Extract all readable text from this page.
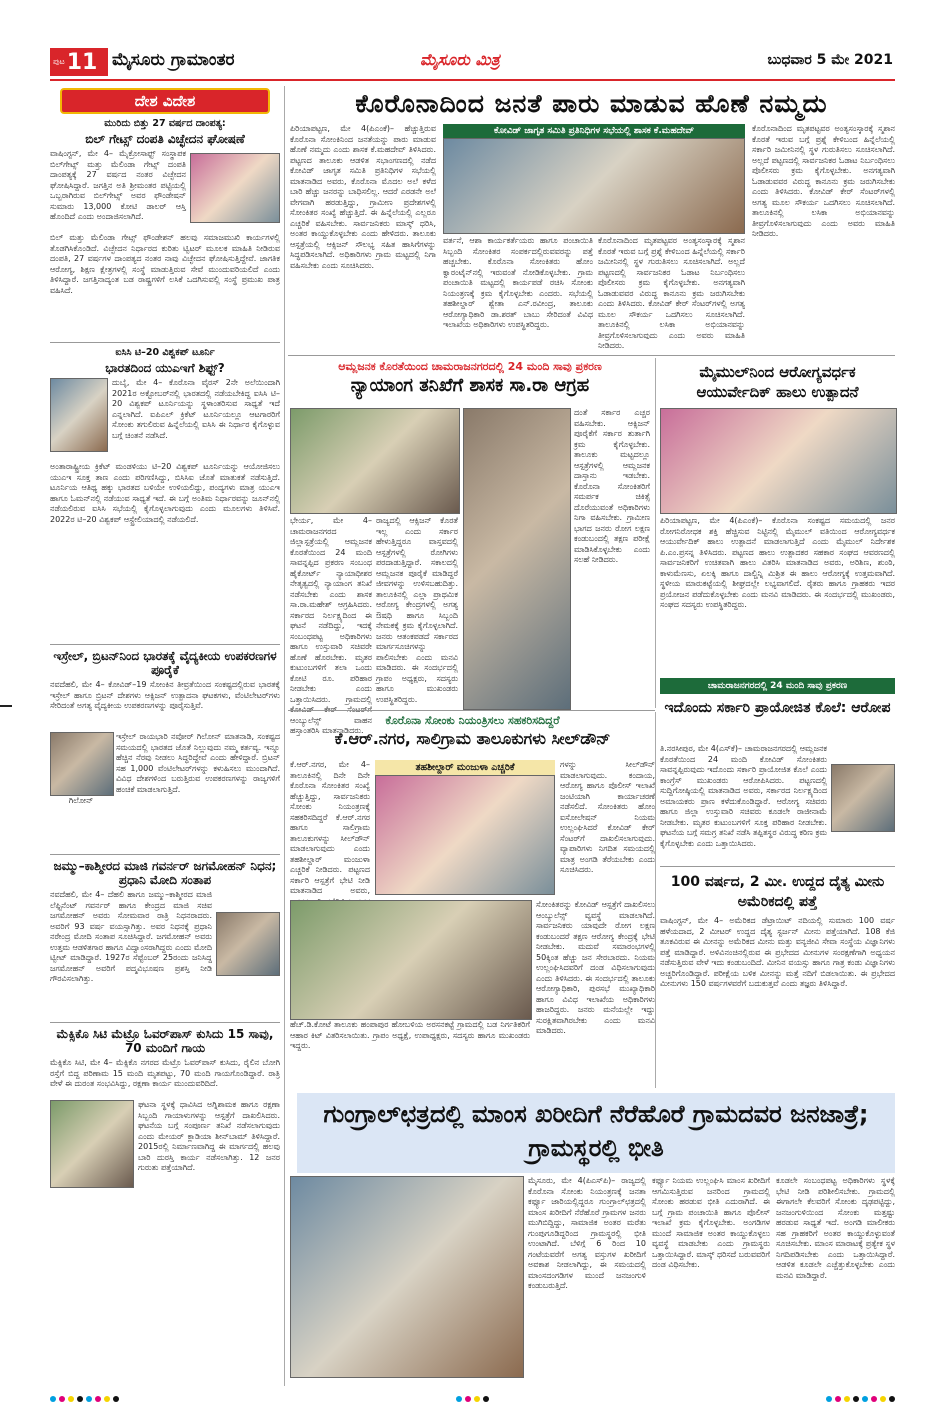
ಪುಟ 11 ಮೈಸೂರು ಗ್ರಾಮಾಂತರ	ಮೈಸೂರು ಮಿತ್ರ	ಬುಧವಾರ 5 ಮೇ 2021
ದೇಶ ವಿದೇಶ
ಮುರಿದು ಬಿತ್ತು 27 ವರ್ಷದ ದಾಂಪತ್ಯ:
ಬಿಲ್ ಗೇಟ್ಸ್ ದಂಪತಿ ವಿಚ್ಛೇದನ ಘೋಷಣೆ
ವಾಷಿಂಗ್ಟನ್, ಮೇ 4– ಮೈಕ್ರೋಸಾಫ್ಟ್ ಸಂಸ್ಥಾಪಕ ಬಿಲ್‌ಗೇಟ್ಸ್ ಮತ್ತು ಮೆಲಿಂಡಾ ಗೇಟ್ಸ್ ದಂಪತಿ ದಾಂಪತ್ಯಕ್ಕೆ 27 ವರ್ಷದ ನಂತರ ವಿಚ್ಛೇದನ ಘೋಷಿಸಿದ್ದಾರೆ. ಜಗತ್ತಿನ ಅತಿ ಶ್ರೀಮಂತರ ಪಟ್ಟಿಯಲ್ಲಿ ಒಬ್ಬರಾಗಿರುವ ಬಿಲ್‌ಗೇಟ್ಸ್ ಅವರ ಫೌಂಡೇಷನ್ ಸುಮಾರು 13,000 ಕೋಟಿ ಡಾಲರ್ ಆಸ್ತಿ ಹೊಂದಿದೆ ಎಂದು ಅಂದಾಜಿಸಲಾಗಿದೆ.
ಬಿಲ್ ಮತ್ತು ಮೆಲಿಂಡಾ ಗೇಟ್ಸ್ ಫೌಂಡೇಶನ್ ಹಲವು ಸಮಾಜಮುಖಿ ಕಾರ್ಯಗಳಲ್ಲಿ ತೊಡಗಿಸಿಕೊಂಡಿದೆ. ವಿಚ್ಛೇದನ ನಿರ್ಧಾರದ ಕುರಿತು ಟ್ವಿಟರ್ ಮೂಲಕ ಮಾಹಿತಿ ನೀಡಿರುವ ದಂಪತಿ, 27 ವರ್ಷಗಳ ದಾಂಪತ್ಯದ ನಂತರ ನಾವು ವಿಚ್ಛೇದನ ಘೋಷಿಸುತ್ತಿದ್ದೇವೆ. ಜಾಗತಿಕ ಆರೋಗ್ಯ, ಶಿಕ್ಷಣ ಕ್ಷೇತ್ರಗಳಲ್ಲಿ ಸಂಸ್ಥೆ ಮಾಡುತ್ತಿರುವ ಸೇವೆ ಮುಂದುವರಿಯಲಿದೆ ಎಂದು ತಿಳಿಸಿದ್ದಾರೆ. ಜಗತ್ತಿನಾದ್ಯಂತ ಬಡ ರಾಷ್ಟ್ರಗಳಿಗೆ ಲಸಿಕೆ ಒದಗಿಸುವಲ್ಲಿ ಸಂಸ್ಥೆ ಪ್ರಮುಖ ಪಾತ್ರ ವಹಿಸಿದೆ.
ಐಸಿಸಿ ಟಿ–20 ವಿಶ್ವಕಪ್ ಟೂರ್ನಿ
ಭಾರತದಿಂದ ಯುಎಇಗೆ ಶಿಫ್ಟ್?
ದುಬೈ, ಮೇ 4– ಕೊರೊನಾ ವೈರಸ್ 2ನೇ ಅಲೆಯಿಂದಾಗಿ 2021ರ ಅಕ್ಟೋಬರ್‌ನಲ್ಲಿ ಭಾರತದಲ್ಲಿ ನಡೆಯಬೇಕಿದ್ದ ಐಸಿಸಿ ಟಿ–20 ವಿಶ್ವಕಪ್ ಟೂರ್ನಿಯನ್ನು ಸ್ಥಳಾಂತರಿಸುವ ಸಾಧ್ಯತೆ ಇದೆ ಎನ್ನಲಾಗಿದೆ. ಐಪಿಎಲ್ ಕ್ರಿಕೆಟ್ ಟೂರ್ನಿಯಲ್ಲೂ ಆಟಗಾರರಿಗೆ ಸೋಂಕು ತಗುಲಿರುವ ಹಿನ್ನೆಲೆಯಲ್ಲಿ ಐಸಿಸಿ ಈ ನಿರ್ಧಾರ ಕೈಗೊಳ್ಳುವ ಬಗ್ಗೆ ಚಿಂತನೆ ನಡೆಸಿದೆ.
ಅಂತಾರಾಷ್ಟ್ರೀಯ ಕ್ರಿಕೆಟ್ ಮಂಡಳಿಯು ಟಿ–20 ವಿಶ್ವಕಪ್ ಟೂರ್ನಿಯನ್ನು ಆಯೋಜಿಸಲು ಯುಎಇ ಸೂಕ್ತ ತಾಣ ಎಂದು ಪರಿಗಣಿಸಿದ್ದು, ಬಿಸಿಸಿಐ ಜೊತೆ ಮಾತುಕತೆ ನಡೆಸುತ್ತಿದೆ. ಟೂರ್ನಿಯ ಆತಿಥ್ಯ ಹಕ್ಕು ಭಾರತದ ಬಳಿಯೇ ಉಳಿಯಲಿದ್ದು, ಪಂದ್ಯಗಳು ಮಾತ್ರ ಯುಎಇ ಹಾಗೂ ಓಮನ್‌ನಲ್ಲಿ ನಡೆಯುವ ಸಾಧ್ಯತೆ ಇದೆ. ಈ ಬಗ್ಗೆ ಅಂತಿಮ ನಿರ್ಧಾರವನ್ನು ಜೂನ್‌ನಲ್ಲಿ ನಡೆಯಲಿರುವ ಐಸಿಸಿ ಸಭೆಯಲ್ಲಿ ಕೈಗೊಳ್ಳಲಾಗುವುದು ಎಂದು ಮೂಲಗಳು ತಿಳಿಸಿವೆ. 2022ರ ಟಿ–20 ವಿಶ್ವಕಪ್ ಆಸ್ಟ್ರೇಲಿಯಾದಲ್ಲಿ ನಡೆಯಲಿದೆ.
ಇಸ್ರೇಲ್, ಬ್ರಿಟನ್‌ನಿಂದ ಭಾರತಕ್ಕೆ ವೈದ್ಯಕೀಯ ಉಪಕರಣಗಳ ಪೂರೈಕೆ
ನವದೆಹಲಿ, ಮೇ 4– ಕೋವಿಡ್–19 ಸೋಂಕಿನ ತೀವ್ರತೆಯಿಂದ ಸಂಕಷ್ಟದಲ್ಲಿರುವ ಭಾರತಕ್ಕೆ ಇಸ್ರೇಲ್ ಹಾಗೂ ಬ್ರಿಟನ್ ದೇಶಗಳು ಆಕ್ಸಿಜನ್ ಉತ್ಪಾದನಾ ಘಟಕಗಳು, ವೆಂಟಿಲೇಟರ್‌ಗಳು ಸೇರಿದಂತೆ ಅಗತ್ಯ ವೈದ್ಯಕೀಯ ಉಪಕರಣಗಳನ್ನು ಪೂರೈಸುತ್ತಿವೆ.
ಗಿಲೋನ್
ಇಸ್ರೇಲ್ ರಾಯಭಾರಿ ನವೋರ್ ಗಿಲೋನ್ ಮಾತನಾಡಿ, ಸಂಕಷ್ಟದ ಸಮಯದಲ್ಲಿ ಭಾರತದ ಜೊತೆ ನಿಲ್ಲುವುದು ನಮ್ಮ ಕರ್ತವ್ಯ. ಇನ್ನೂ ಹೆಚ್ಚಿನ ನೆರವು ನೀಡಲು ಸಿದ್ಧರಿದ್ದೇವೆ ಎಂದು ಹೇಳಿದ್ದಾರೆ. ಬ್ರಿಟನ್ ಸಹ 1,000 ವೆಂಟಿಲೇಟರ್‌ಗಳನ್ನು ಕಳುಹಿಸಲು ಮುಂದಾಗಿದೆ. ವಿವಿಧ ದೇಶಗಳಿಂದ ಬರುತ್ತಿರುವ ಉಪಕರಣಗಳನ್ನು ರಾಜ್ಯಗಳಿಗೆ ಹಂಚಿಕೆ ಮಾಡಲಾಗುತ್ತಿದೆ.
ಜಮ್ಮು–ಕಾಶ್ಮೀರದ ಮಾಜಿ ಗವರ್ನರ್ ಜಗಮೋಹನ್ ನಿಧನ; ಪ್ರಧಾನಿ ಮೋದಿ ಸಂತಾಪ
ನವದೆಹಲಿ, ಮೇ 4– ದೆಹಲಿ ಹಾಗೂ ಜಮ್ಮು–ಕಾಶ್ಮೀರದ ಮಾಜಿ ಲೆಫ್ಟಿನೆಂಟ್ ಗವರ್ನರ್ ಹಾಗೂ ಕೇಂದ್ರದ ಮಾಜಿ ಸಚಿವ ಜಗಮೋಹನ್ ಅವರು ಸೋಮವಾರ ರಾತ್ರಿ ನಿಧನರಾದರು. ಅವರಿಗೆ 93 ವರ್ಷ ವಯಸ್ಸಾಗಿತ್ತು. ಅವರ ನಿಧನಕ್ಕೆ ಪ್ರಧಾನಿ ನರೇಂದ್ರ ಮೋದಿ ಸಂತಾಪ ಸೂಚಿಸಿದ್ದಾರೆ. ಜಗಮೋಹನ್ ಅವರು ಉತ್ತಮ ಆಡಳಿತಗಾರ ಹಾಗೂ ವಿದ್ವಾಂಸರಾಗಿದ್ದರು ಎಂದು ಮೋದಿ ಟ್ವೀಟ್ ಮಾಡಿದ್ದಾರೆ. 1927ರ ಸೆಪ್ಟೆಂಬರ್ 25ರಂದು ಜನಿಸಿದ್ದ ಜಗಮೋಹನ್ ಅವರಿಗೆ ಪದ್ಮವಿಭೂಷಣ ಪ್ರಶಸ್ತಿ ನೀಡಿ ಗೌರವಿಸಲಾಗಿತ್ತು.
ಮೆಕ್ಸಿಕೊ ಸಿಟಿ ಮೆಟ್ರೊ ಓವರ್‌ಪಾಸ್ ಕುಸಿದು 15 ಸಾವು, 70 ಮಂದಿಗೆ ಗಾಯ
ಮೆಕ್ಸಿಕೊ ಸಿಟಿ, ಮೇ 4– ಮೆಕ್ಸಿಕೊ ನಗರದ ಮೆಟ್ರೊ ಓವರ್‌ಪಾಸ್ ಕುಸಿದು, ರೈಲಿನ ಬೋಗಿ ರಸ್ತೆಗೆ ಬಿದ್ದ ಪರಿಣಾಮ 15 ಮಂದಿ ಮೃತಪಟ್ಟು, 70 ಮಂದಿ ಗಾಯಗೊಂಡಿದ್ದಾರೆ. ರಾತ್ರಿ ವೇಳೆ ಈ ದುರಂತ ಸಂಭವಿಸಿದ್ದು, ರಕ್ಷಣಾ ಕಾರ್ಯ ಮುಂದುವರಿದಿದೆ.
ಘಟನಾ ಸ್ಥಳಕ್ಕೆ ಧಾವಿಸಿದ ಅಗ್ನಿಶಾಮಕ ಹಾಗೂ ರಕ್ಷಣಾ ಸಿಬ್ಬಂದಿ ಗಾಯಾಳುಗಳನ್ನು ಆಸ್ಪತ್ರೆಗೆ ದಾಖಲಿಸಿದರು. ಘಟನೆಯ ಬಗ್ಗೆ ಸಂಪೂರ್ಣ ತನಿಖೆ ನಡೆಸಲಾಗುವುದು ಎಂದು ಮೇಯರ್ ಕ್ಲಾಡಿಯಾ ಶೀನ್‌ಬಾಮ್ ತಿಳಿಸಿದ್ದಾರೆ. 2015ರಲ್ಲಿ ನಿರ್ಮಾಣವಾಗಿದ್ದ ಈ ಮಾರ್ಗದಲ್ಲಿ ಹಲವು ಬಾರಿ ದುರಸ್ತಿ ಕಾರ್ಯ ನಡೆಸಲಾಗಿತ್ತು. 12 ಜನರ ಗುರುತು ಪತ್ತೆಯಾಗಿದೆ.
ಕೊರೊನಾದಿಂದ ಜನತೆ ಪಾರು ಮಾಡುವ ಹೊಣೆ ನಮ್ಮದು
ಪಿರಿಯಾಪಟ್ಟಣ, ಮೇ 4(ಪಿಎಂಕೆ)– ಹೆಚ್ಚುತ್ತಿರುವ ಕೊರೊನಾ ಸೋಂಕಿನಿಂದ ಜನತೆಯನ್ನು ಪಾರು ಮಾಡುವ ಹೊಣೆ ನಮ್ಮದು ಎಂದು ಶಾಸಕ ಕೆ.ಮಹದೇವ್ ತಿಳಿಸಿದರು. ಪಟ್ಟಣದ ತಾಲೂಕು ಆಡಳಿತ ಸಭಾಂಗಣದಲ್ಲಿ ನಡೆದ ಕೋವಿಡ್ ಜಾಗೃತ ಸಮಿತಿ ಪ್ರತಿನಿಧಿಗಳ ಸಭೆಯಲ್ಲಿ ಮಾತನಾಡಿದ ಅವರು, ಕೊರೊನಾ ಮೊದಲ ಅಲೆ ಕಳೆದ ಬಾರಿ ಹೆಚ್ಚು ಜನರನ್ನು ಬಾಧಿಸಲಿಲ್ಲ. ಆದರೆ ಎರಡನೇ ಅಲೆ ವೇಗವಾಗಿ ಹರಡುತ್ತಿದ್ದು, ಗ್ರಾಮೀಣ ಪ್ರದೇಶಗಳಲ್ಲಿ ಸೋಂಕಿತರ ಸಂಖ್ಯೆ ಹೆಚ್ಚುತ್ತಿದೆ. ಈ ಹಿನ್ನೆಲೆಯಲ್ಲಿ ಎಲ್ಲರೂ ಎಚ್ಚರಿಕೆ ವಹಿಸಬೇಕು. ಸಾರ್ವಜನಿಕರು ಮಾಸ್ಕ್ ಧರಿಸಿ, ಅಂತರ ಕಾಯ್ದುಕೊಳ್ಳಬೇಕು ಎಂದು ಹೇಳಿದರು. ತಾಲೂಕು ಆಸ್ಪತ್ರೆಯಲ್ಲಿ ಆಕ್ಸಿಜನ್ ಸೌಲಭ್ಯ ಸಹಿತ ಹಾಸಿಗೆಗಳನ್ನು ಸಿದ್ಧಪಡಿಸಲಾಗಿದೆ. ಅಧಿಕಾರಿಗಳು ಗ್ರಾಮ ಮಟ್ಟದಲ್ಲಿ ನಿಗಾ ವಹಿಸಬೇಕು ಎಂದು ಸೂಚಿಸಿದರು.
ಕೋವಿಡ್ ಜಾಗೃತ ಸಮಿತಿ ಪ್ರತಿನಿಧಿಗಳ ಸಭೆಯಲ್ಲಿ ಶಾಸಕ ಕೆ.ಮಹದೇವ್
ವರ್ತನೆ, ಆಶಾ ಕಾರ್ಯಕರ್ತೆಯರು ಹಾಗೂ ಪಂಚಾಯಿತಿ ಸಿಬ್ಬಂದಿ ಸೋಂಕಿತರ ಸಂಪರ್ಕದಲ್ಲಿರುವವರನ್ನು ಪತ್ತೆ ಹಚ್ಚಬೇಕು. ಕೊರೊನಾ ಸೋಂಕಿತರು ಹೋಂ ಕ್ವಾರಂಟೈನ್‌ನಲ್ಲಿ ಇರುವಂತೆ ನೋಡಿಕೊಳ್ಳಬೇಕು. ಗ್ರಾಮ ಪಂಚಾಯಿತಿ ಮಟ್ಟದಲ್ಲಿ ಕಾರ್ಯಪಡೆ ರಚಿಸಿ ಸೋಂಕು ನಿಯಂತ್ರಣಕ್ಕೆ ಕ್ರಮ ಕೈಗೊಳ್ಳಬೇಕು ಎಂದರು. ಸಭೆಯಲ್ಲಿ ತಹಶೀಲ್ದಾರ್ ಶ್ವೇತಾ ಎನ್.ರವೀಂದ್ರ, ತಾಲೂಕು ಆರೋಗ್ಯಾಧಿಕಾರಿ ಡಾ.ಶರತ್ ಬಾಬು ಸೇರಿದಂತೆ ವಿವಿಧ ಇಲಾಖೆಯ ಅಧಿಕಾರಿಗಳು ಉಪಸ್ಥಿತರಿದ್ದರು.
ಕೊರೊನಾದಿಂದ ಮೃತಪಟ್ಟವರ ಅಂತ್ಯಸಂಸ್ಕಾರಕ್ಕೆ ಸ್ಮಶಾನ ಕೊರತೆ ಇರುವ ಬಗ್ಗೆ ಪ್ರಶ್ನೆ ಕೇಳಿಬಂದ ಹಿನ್ನೆಲೆಯಲ್ಲಿ ಸರ್ಕಾರಿ ಜಮೀನಿನಲ್ಲಿ ಸ್ಥಳ ಗುರುತಿಸಲು ಸೂಚಿಸಲಾಗಿದೆ. ಅಲ್ಲದೆ ಪಟ್ಟಣದಲ್ಲಿ ಸಾರ್ವಜನಿಕರ ಓಡಾಟ ನಿರ್ಬಂಧಿಸಲು ಪೊಲೀಸರು ಕ್ರಮ ಕೈಗೊಳ್ಳಬೇಕು. ಅನಗತ್ಯವಾಗಿ ಓಡಾಡುವವರ ವಿರುದ್ಧ ಕಾನೂನು ಕ್ರಮ ಜರುಗಿಸಬೇಕು ಎಂದು ತಿಳಿಸಿದರು. ಕೋವಿಡ್ ಕೇರ್ ಸೆಂಟರ್‌ಗಳಲ್ಲಿ ಅಗತ್ಯ ಮೂಲ ಸೌಕರ್ಯ ಒದಗಿಸಲು ಸೂಚಿಸಲಾಗಿದೆ. ತಾಲೂಕಿನಲ್ಲಿ ಲಸಿಕಾ ಅಭಿಯಾನವನ್ನು ತೀವ್ರಗೊಳಿಸಲಾಗುವುದು ಎಂದು ಅವರು ಮಾಹಿತಿ ನೀಡಿದರು.
ಕೊರೊನಾದಿಂದ ಮೃತಪಟ್ಟವರ ಅಂತ್ಯಸಂಸ್ಕಾರಕ್ಕೆ ಸ್ಮಶಾನ ಕೊರತೆ ಇರುವ ಬಗ್ಗೆ ಪ್ರಶ್ನೆ ಕೇಳಿಬಂದ ಹಿನ್ನೆಲೆಯಲ್ಲಿ ಸರ್ಕಾರಿ ಜಮೀನಿನಲ್ಲಿ ಸ್ಥಳ ಗುರುತಿಸಲು ಸೂಚಿಸಲಾಗಿದೆ. ಅಲ್ಲದೆ ಪಟ್ಟಣದಲ್ಲಿ ಸಾರ್ವಜನಿಕರ ಓಡಾಟ ನಿರ್ಬಂಧಿಸಲು ಪೊಲೀಸರು ಕ್ರಮ ಕೈಗೊಳ್ಳಬೇಕು. ಅನಗತ್ಯವಾಗಿ ಓಡಾಡುವವರ ವಿರುದ್ಧ ಕಾನೂನು ಕ್ರಮ ಜರುಗಿಸಬೇಕು ಎಂದು ತಿಳಿಸಿದರು. ಕೋವಿಡ್ ಕೇರ್ ಸೆಂಟರ್‌ಗಳಲ್ಲಿ ಅಗತ್ಯ ಮೂಲ ಸೌಕರ್ಯ ಒದಗಿಸಲು ಸೂಚಿಸಲಾಗಿದೆ. ತಾಲೂಕಿನಲ್ಲಿ ಲಸಿಕಾ ಅಭಿಯಾನವನ್ನು ತೀವ್ರಗೊಳಿಸಲಾಗುವುದು ಎಂದು ಅವರು ಮಾಹಿತಿ ನೀಡಿದರು.
ಆಮ್ಲಜನಕ ಕೊರತೆಯಿಂದ ಚಾಮರಾಜನಗರದಲ್ಲಿ 24 ಮಂದಿ ಸಾವು ಪ್ರಕರಣ
ನ್ಯಾಯಾಂಗ ತನಿಖೆಗೆ ಶಾಸಕ ಸಾ.ರಾ ಆಗ್ರಹ
ಭೇರ್ಯ, ಮೇ 4– ಚಾಮರಾಜನಗರದ ಜಿಲ್ಲಾಸ್ಪತ್ರೆಯಲ್ಲಿ ಆಮ್ಲಜನಕ ಕೊರತೆಯಿಂದ 24 ಮಂದಿ ಸಾವನ್ನಪ್ಪಿದ ಪ್ರಕರಣ ಸಂಬಂಧ ಹೈಕೋರ್ಟ್ ನ್ಯಾಯಾಧೀಶರ ನೇತೃತ್ವದಲ್ಲಿ ನ್ಯಾಯಾಂಗ ತನಿಖೆ ನಡೆಸಬೇಕು ಎಂದು ಶಾಸಕ ಸಾ.ರಾ.ಮಹೇಶ್ ಆಗ್ರಹಿಸಿದರು. ಸರ್ಕಾರದ ನಿರ್ಲಕ್ಷ್ಯದಿಂದ ಈ ಘಟನೆ ನಡೆದಿದ್ದು, ಇದಕ್ಕೆ ಸಂಬಂಧಪಟ್ಟ ಅಧಿಕಾರಿಗಳು ಹಾಗೂ ಉಸ್ತುವಾರಿ ಸಚಿವರೇ ಹೊಣೆ ಹೊರಬೇಕು. ಮೃತರ ಕುಟುಂಬಗಳಿಗೆ ತಲಾ ಒಂದು ಕೋಟಿ ರೂ. ಪರಿಹಾರ ನೀಡಬೇಕು ಎಂದು ಒತ್ತಾಯಿಸಿದರು. ಗ್ರಾಮದಲ್ಲಿ ಆಂಬ್ಯುಲೆನ್ಸ್ ವಾಹನ ಹಸ್ತಾಂತರಿಸಿ ಮಾತನಾಡಿದರು.
ರಾಜ್ಯದಲ್ಲಿ ಆಕ್ಸಿಜನ್ ಕೊರತೆ ಇಲ್ಲ ಎಂದು ಸರ್ಕಾರ ಹೇಳುತ್ತಿದ್ದರೂ ವಾಸ್ತವದಲ್ಲಿ ಆಸ್ಪತ್ರೆಗಳಲ್ಲಿ ರೋಗಿಗಳು ಪರದಾಡುತ್ತಿದ್ದಾರೆ. ಸಕಾಲದಲ್ಲಿ ಆಮ್ಲಜನಕ ಪೂರೈಕೆ ಮಾಡಿದ್ದರೆ ಜೀವಗಳನ್ನು ಉಳಿಸಬಹುದಿತ್ತು. ತಾಲೂಕಿನಲ್ಲಿ ಎಲ್ಲಾ ಪ್ರಾಥಮಿಕ ಆರೋಗ್ಯ ಕೇಂದ್ರಗಳಲ್ಲಿ ಅಗತ್ಯ ಔಷಧಿ ಹಾಗೂ ಸಿಬ್ಬಂದಿ ನೇಮಕಕ್ಕೆ ಕ್ರಮ ಕೈಗೊಳ್ಳಲಾಗಿದೆ. ಜನರು ಆತಂಕಪಡದೆ ಸರ್ಕಾರದ ಮಾರ್ಗಸೂಚಿಗಳನ್ನು ಪಾಲಿಸಬೇಕು ಎಂದು ಮನವಿ ಮಾಡಿದರು. ಈ ಸಂದರ್ಭದಲ್ಲಿ ಗ್ರಾಪಂ ಅಧ್ಯಕ್ಷರು, ಸದಸ್ಯರು ಹಾಗೂ ಮುಖಂಡರು ಉಪಸ್ಥಿತರಿದ್ದರು.
ದಂತೆ ಸರ್ಕಾರ ಎಚ್ಚರ ವಹಿಸಬೇಕು. ಆಕ್ಸಿಜನ್ ಪೂರೈಕೆಗೆ ಸರ್ಕಾರ ತುರ್ತಾಗಿ ಕ್ರಮ ಕೈಗೊಳ್ಳಬೇಕು. ತಾಲೂಕು ಮಟ್ಟದಲ್ಲೂ ಆಸ್ಪತ್ರೆಗಳಲ್ಲಿ ಆಮ್ಲಜನಕ ದಾಸ್ತಾನು ಇಡಬೇಕು. ಕೊರೊನಾ ಸೋಂಕಿತರಿಗೆ ಸಮರ್ಪಕ ಚಿಕಿತ್ಸೆ ದೊರೆಯುವಂತೆ ಅಧಿಕಾರಿಗಳು ನಿಗಾ ವಹಿಸಬೇಕು. ಗ್ರಾಮೀಣ ಭಾಗದ ಜನರು ರೋಗ ಲಕ್ಷಣ ಕಂಡುಬಂದಲ್ಲಿ ತಕ್ಷಣ ಪರೀಕ್ಷೆ ಮಾಡಿಸಿಕೊಳ್ಳಬೇಕು ಎಂದು ಸಲಹೆ ನೀಡಿದರು.
ಮೈಮುಲ್‌ನಿಂದ ಆರೋಗ್ಯವರ್ಧಕ ಆಯುರ್ವೇದಿಕ್ ಹಾಲು ಉತ್ಪಾದನೆ
ಪಿರಿಯಾಪಟ್ಟಣ, ಮೇ 4(ಪಿಎಂಕೆ)– ಕೊರೊನಾ ಸಂಕಷ್ಟದ ಸಮಯದಲ್ಲಿ ಜನರ ರೋಗನಿರೋಧಕ ಶಕ್ತಿ ಹೆಚ್ಚಿಸುವ ನಿಟ್ಟಿನಲ್ಲಿ ಮೈಮುಲ್ ವತಿಯಿಂದ ಆರೋಗ್ಯವರ್ಧಕ ಆಯುರ್ವೇದಿಕ್ ಹಾಲು ಉತ್ಪಾದನೆ ಮಾಡಲಾಗುತ್ತಿದೆ ಎಂದು ಮೈಮುಲ್ ನಿರ್ದೇಶಕ ಪಿ.ಎಂ.ಪ್ರಸನ್ನ ತಿಳಿಸಿದರು. ಪಟ್ಟಣದ ಹಾಲು ಉತ್ಪಾದಕರ ಸಹಕಾರ ಸಂಘದ ಆವರಣದಲ್ಲಿ ಸಾರ್ವಜನಿಕರಿಗೆ ಉಚಿತವಾಗಿ ಹಾಲು ವಿತರಿಸಿ ಮಾತನಾಡಿದ ಅವರು, ಅರಿಶಿಣ, ಶುಂಠಿ, ಕಾಳುಮೆಣಸು, ಏಲಕ್ಕಿ ಹಾಗೂ ದಾಲ್ಚಿನ್ನಿ ಮಿಶ್ರಿತ ಈ ಹಾಲು ಆರೋಗ್ಯಕ್ಕೆ ಉತ್ತಮವಾಗಿದೆ. ಸ್ಥಳೀಯ ಮಾರುಕಟ್ಟೆಯಲ್ಲಿ ಶೀಘ್ರದಲ್ಲೇ ಲಭ್ಯವಾಗಲಿದೆ. ರೈತರು ಹಾಗೂ ಗ್ರಾಹಕರು ಇದರ ಪ್ರಯೋಜನ ಪಡೆದುಕೊಳ್ಳಬೇಕು ಎಂದು ಮನವಿ ಮಾಡಿದರು. ಈ ಸಂದರ್ಭದಲ್ಲಿ ಮುಖಂಡರು, ಸಂಘದ ಸದಸ್ಯರು ಉಪಸ್ಥಿತರಿದ್ದರು.
ಚಾಮರಾಜನಗರದಲ್ಲಿ 24 ಮಂದಿ ಸಾವು ಪ್ರಕರಣ
ಇದೊಂದು ಸರ್ಕಾರಿ ಪ್ರಾಯೋಜಿತ ಕೊಲೆ: ಆರೋಪ
ತಿ.ನರಸೀಪುರ, ಮೇ 4(ಎಸ್‌ಕೆ)– ಚಾಮರಾಜನಗರದಲ್ಲಿ ಆಮ್ಲಜನಕ ಕೊರತೆಯಿಂದ 24 ಮಂದಿ ಕೋವಿಡ್ ಸೋಂಕಿತರು ಸಾವನ್ನಪ್ಪಿರುವುದು ಇದೊಂದು ಸರ್ಕಾರಿ ಪ್ರಾಯೋಜಿತ ಕೊಲೆ ಎಂದು ಕಾಂಗ್ರೆಸ್ ಮುಖಂಡರು ಆರೋಪಿಸಿದರು. ಪಟ್ಟಣದಲ್ಲಿ ಸುದ್ದಿಗೋಷ್ಠಿಯಲ್ಲಿ ಮಾತನಾಡಿದ ಅವರು, ಸರ್ಕಾರದ ನಿರ್ಲಕ್ಷ್ಯದಿಂದ ಅಮಾಯಕರು ಪ್ರಾಣ ಕಳೆದುಕೊಂಡಿದ್ದಾರೆ. ಆರೋಗ್ಯ ಸಚಿವರು ಹಾಗೂ ಜಿಲ್ಲಾ ಉಸ್ತುವಾರಿ ಸಚಿವರು ಕೂಡಲೇ ರಾಜೀನಾಮೆ ನೀಡಬೇಕು. ಮೃತರ ಕುಟುಂಬಗಳಿಗೆ ಸೂಕ್ತ ಪರಿಹಾರ ನೀಡಬೇಕು. ಘಟನೆಯ ಬಗ್ಗೆ ಸಮಗ್ರ ತನಿಖೆ ನಡೆಸಿ ತಪ್ಪಿತಸ್ಥರ ವಿರುದ್ಧ ಕಠಿಣ ಕ್ರಮ ಕೈಗೊಳ್ಳಬೇಕು ಎಂದು ಒತ್ತಾಯಿಸಿದರು.
100 ವರ್ಷದ, 2 ಮೀ. ಉದ್ದದ ದೈತ್ಯ ಮೀನು ಅಮೆರಿಕದಲ್ಲಿ ಪತ್ತೆ
ವಾಷಿಂಗ್ಟನ್, ಮೇ 4– ಅಮೆರಿಕದ ಡೆಟ್ರಾಯಿಟ್ ನದಿಯಲ್ಲಿ ಸುಮಾರು 100 ವರ್ಷ ಹಳೆಯದಾದ, 2 ಮೀಟರ್ ಉದ್ದದ ದೈತ್ಯ ಸ್ಟರ್ಜನ್ ಮೀನು ಪತ್ತೆಯಾಗಿದೆ. 108 ಕೆಜಿ ತೂಕವಿರುವ ಈ ಮೀನನ್ನು ಅಮೆರಿಕದ ಮೀನು ಮತ್ತು ವನ್ಯಜೀವಿ ಸೇವಾ ಸಂಸ್ಥೆಯ ವಿಜ್ಞಾನಿಗಳು ಪತ್ತೆ ಮಾಡಿದ್ದಾರೆ. ಅಳಿವಿನಂಚಿನಲ್ಲಿರುವ ಈ ಪ್ರಭೇದದ ಮೀನುಗಳ ಸಂರಕ್ಷಣೆಗಾಗಿ ಅಧ್ಯಯನ ನಡೆಸುತ್ತಿರುವ ವೇಳೆ ಇದು ಕಂಡುಬಂದಿದೆ. ಮೀನಿನ ವಯಸ್ಸು ಹಾಗೂ ಗಾತ್ರ ಕಂಡು ವಿಜ್ಞಾನಿಗಳು ಅಚ್ಚರಿಗೊಂಡಿದ್ದಾರೆ. ಪರೀಕ್ಷೆಯ ಬಳಿಕ ಮೀನನ್ನು ಮತ್ತೆ ನದಿಗೆ ಬಿಡಲಾಯಿತು. ಈ ಪ್ರಭೇದದ ಮೀನುಗಳು 150 ವರ್ಷಗಳವರೆಗೆ ಬದುಕುತ್ತವೆ ಎಂದು ತಜ್ಞರು ತಿಳಿಸಿದ್ದಾರೆ.
ಕೊರೊನಾ ಸೋಂಕು ನಿಯಂತ್ರಿಸಲು ಸಹಕರಿಸದಿದ್ದರೆ
ಕೆ.ಆರ್.ನಗರ, ಸಾಲಿಗ್ರಾಮ ತಾಲೂಕುಗಳು ಸೀಲ್‌ಡೌನ್
ಕೆ.ಆರ್.ನಗರ, ಮೇ 4– ತಾಲೂಕಿನಲ್ಲಿ ದಿನೇ ದಿನೇ ಕೊರೊನಾ ಸೋಂಕಿತರ ಸಂಖ್ಯೆ ಹೆಚ್ಚುತ್ತಿದ್ದು, ಸಾರ್ವಜನಿಕರು ಸೋಂಕು ನಿಯಂತ್ರಣಕ್ಕೆ ಸಹಕರಿಸದಿದ್ದರೆ ಕೆ.ಆರ್.ನಗರ ಹಾಗೂ ಸಾಲಿಗ್ರಾಮ ತಾಲೂಕುಗಳನ್ನು ಸೀಲ್‌ಡೌನ್ ಮಾಡಲಾಗುವುದು ಎಂದು ತಹಶೀಲ್ದಾರ್ ಮಂಜುಳಾ ಎಚ್ಚರಿಕೆ ನೀಡಿದರು. ಪಟ್ಟಣದ ಸರ್ಕಾರಿ ಆಸ್ಪತ್ರೆಗೆ ಭೇಟಿ ನೀಡಿ ಮಾತನಾಡಿದ ಅವರು,
ತಹಶೀಲ್ದಾರ್ ಮಂಜುಳಾ ಎಚ್ಚರಿಕೆ	ಗಳನ್ನು ಸೀಲ್‌ಡೌನ್ ಮಾಡಲಾಗುವುದು. ಕಂದಾಯ, ಆರೋಗ್ಯ ಹಾಗೂ ಪೊಲೀಸ್ ಇಲಾಖೆ ಜಂಟಿಯಾಗಿ ಕಾರ್ಯಾಚರಣೆ ನಡೆಸಲಿದೆ. ಸೋಂಕಿತರು ಹೋಂ ಐಸೋಲೇಷನ್ ನಿಯಮ ಉಲ್ಲಂಘಿಸಿದರೆ ಕೋವಿಡ್ ಕೇರ್ ಸೆಂಟರ್‌ಗೆ ದಾಖಲಿಸಲಾಗುವುದು. ವ್ಯಾಪಾರಿಗಳು ನಿಗದಿತ ಸಮಯದಲ್ಲಿ ಮಾತ್ರ ಅಂಗಡಿ ತೆರೆಯಬೇಕು ಎಂದು ಸೂಚಿಸಿದರು.
ಹೆಚ್.ಡಿ.ಕೋಟೆ ತಾಲೂಕು ಹಂಪಾಪುರ ಹೋಬಳಿಯ ಅರಸನಕಟ್ಟೆ ಗ್ರಾಮದಲ್ಲಿ ಬಡ ನಿರ್ಗತಿಕರಿಗೆ ಆಹಾರ ಕಿಟ್ ವಿತರಿಸಲಾಯಿತು. ಗ್ರಾಪಂ ಅಧ್ಯಕ್ಷೆ, ಉಪಾಧ್ಯಕ್ಷರು, ಸದಸ್ಯರು ಹಾಗೂ ಮುಖಂಡರು ಇದ್ದರು.
ಸೋಂಕಿತರನ್ನು ಕೋವಿಡ್ ಆಸ್ಪತ್ರೆಗೆ ದಾಖಲಿಸಲು ಆಂಬ್ಯುಲೆನ್ಸ್ ವ್ಯವಸ್ಥೆ ಮಾಡಲಾಗಿದೆ. ಸಾರ್ವಜನಿಕರು ಯಾವುದೇ ರೋಗ ಲಕ್ಷಣ ಕಂಡುಬಂದರೆ ತಕ್ಷಣ ಆರೋಗ್ಯ ಕೇಂದ್ರಕ್ಕೆ ಭೇಟಿ ನೀಡಬೇಕು. ಮದುವೆ ಸಮಾರಂಭಗಳಲ್ಲಿ 50ಕ್ಕಿಂತ ಹೆಚ್ಚು ಜನ ಸೇರಬಾರದು. ನಿಯಮ ಉಲ್ಲಂಘಿಸಿದವರಿಗೆ ದಂಡ ವಿಧಿಸಲಾಗುವುದು ಎಂದು ತಿಳಿಸಿದರು. ಈ ಸಂದರ್ಭದಲ್ಲಿ ತಾಲೂಕು ಆರೋಗ್ಯಾಧಿಕಾರಿ, ಪುರಸಭೆ ಮುಖ್ಯಾಧಿಕಾರಿ ಹಾಗೂ ವಿವಿಧ ಇಲಾಖೆಯ ಅಧಿಕಾರಿಗಳು ಹಾಜರಿದ್ದರು. ಜನರು ಮನೆಯಲ್ಲೇ ಇದ್ದು ಸುರಕ್ಷಿತವಾಗಿರಬೇಕು ಎಂದು ಮನವಿ ಮಾಡಿದರು.
ಗುಂಗ್ರಾಲ್‌ಛತ್ರದಲ್ಲಿ ಮಾಂಸ ಖರೀದಿಗೆ ನೆರೆಹೊರೆ ಗ್ರಾಮದವರ ಜನಜಾತ್ರೆ; ಗ್ರಾಮಸ್ಥರಲ್ಲಿ ಭೀತಿ
ಮೈಸೂರು, ಮೇ 4(ಪಿಎಸ್‌ಪಿ)– ರಾಜ್ಯದಲ್ಲಿ ಕೊರೊನಾ ಸೋಂಕು ನಿಯಂತ್ರಣಕ್ಕೆ ಜನತಾ ಕರ್ಫ್ಯೂ ಜಾರಿಯಲ್ಲಿದ್ದರೂ ಗುಂಗ್ರಾಲ್‌ಛತ್ರದಲ್ಲಿ ಮಾಂಸ ಖರೀದಿಗೆ ನೆರೆಹೊರೆ ಗ್ರಾಮಗಳ ಜನರು ಮುಗಿಬಿದ್ದಿದ್ದು, ಸಾಮಾಜಿಕ ಅಂತರ ಮರೆತು ಗುಂಪುಗೂಡಿದ್ದರಿಂದ ಗ್ರಾಮಸ್ಥರಲ್ಲಿ ಭೀತಿ ಉಂಟಾಗಿದೆ. ಬೆಳಿಗ್ಗೆ 6 ರಿಂದ 10 ಗಂಟೆಯವರೆಗೆ ಅಗತ್ಯ ವಸ್ತುಗಳ ಖರೀದಿಗೆ ಅವಕಾಶ ನೀಡಲಾಗಿದ್ದು, ಈ ಸಮಯದಲ್ಲಿ ಮಾಂಸದಂಗಡಿಗಳ ಮುಂದೆ ಜನಜಂಗುಳಿ ಕಂಡುಬರುತ್ತಿದೆ.
ಕರ್ಫ್ಯೂ ನಿಯಮ ಉಲ್ಲಂಘಿಸಿ ಮಾಂಸ ಖರೀದಿಗೆ ಆಗಮಿಸುತ್ತಿರುವ ಜನರಿಂದ ಗ್ರಾಮದಲ್ಲಿ ಸೋಂಕು ಹರಡುವ ಭೀತಿ ಎದುರಾಗಿದೆ. ಈ ಬಗ್ಗೆ ಗ್ರಾಮ ಪಂಚಾಯಿತಿ ಹಾಗೂ ಪೊಲೀಸ್ ಇಲಾಖೆ ಕ್ರಮ ಕೈಗೊಳ್ಳಬೇಕು. ಅಂಗಡಿಗಳ ಮುಂದೆ ಸಾಮಾಜಿಕ ಅಂತರ ಕಾಯ್ದುಕೊಳ್ಳಲು ವ್ಯವಸ್ಥೆ ಮಾಡಬೇಕು ಎಂದು ಗ್ರಾಮಸ್ಥರು ಒತ್ತಾಯಿಸಿದ್ದಾರೆ. ಮಾಸ್ಕ್ ಧರಿಸದೆ ಬರುವವರಿಗೆ ದಂಡ ವಿಧಿಸಬೇಕು.
ಕೂಡಲೇ ಸಂಬಂಧಪಟ್ಟ ಅಧಿಕಾರಿಗಳು ಸ್ಥಳಕ್ಕೆ ಭೇಟಿ ನೀಡಿ ಪರಿಶೀಲಿಸಬೇಕು. ಗ್ರಾಮದಲ್ಲಿ ಈಗಾಗಲೇ ಕೆಲವರಿಗೆ ಸೋಂಕು ದೃಢಪಟ್ಟಿದ್ದು, ಜನಜಂಗುಳಿಯಿಂದ ಸೋಂಕು ಮತ್ತಷ್ಟು ಹರಡುವ ಸಾಧ್ಯತೆ ಇದೆ. ಅಂಗಡಿ ಮಾಲೀಕರು ಸಹ ಗ್ರಾಹಕರಿಗೆ ಅಂತರ ಕಾಯ್ದುಕೊಳ್ಳುವಂತೆ ಸೂಚಿಸಬೇಕು. ಮಾಂಸ ಮಾರಾಟಕ್ಕೆ ಪ್ರತ್ಯೇಕ ಸ್ಥಳ ನಿಗದಿಪಡಿಸಬೇಕು ಎಂದು ಒತ್ತಾಯಿಸಿದ್ದಾರೆ. ಆಡಳಿತ ಕೂಡಲೇ ಎಚ್ಚೆತ್ತುಕೊಳ್ಳಬೇಕು ಎಂದು ಮನವಿ ಮಾಡಿದ್ದಾರೆ.
